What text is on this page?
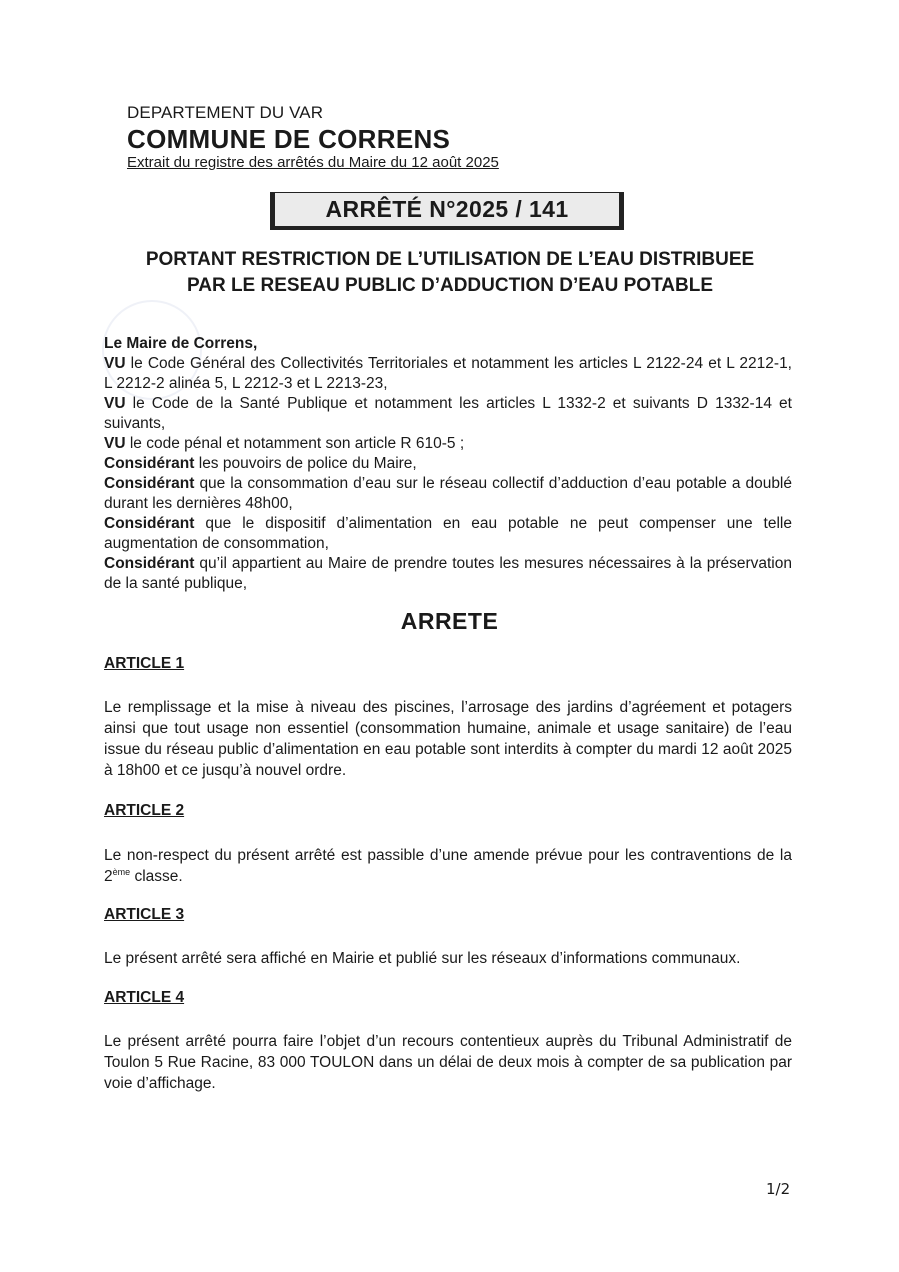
DEPARTEMENT DU VAR
COMMUNE DE CORRENS
Extrait du registre des arrêtés du Maire du 12 août 2025
ARRÊTÉ N°2025 / 141
PORTANT RESTRICTION DE L’UTILISATION DE L’EAU DISTRIBUEE
PAR LE RESEAU PUBLIC D’ADDUCTION D’EAU POTABLE

Le Maire de Correns,

VU le Code Général des Collectivités Territoriales et notamment les articles L 2122-24 et L 2212-1, L 2212-2 alinéa 5, L 2212-3 et L 2213-23,

VU le Code de la Santé Publique et notamment les articles L 1332-2 et suivants D 1332-14 et suivants,

VU le code pénal et notamment son article R 610-5 ;

Considérant les pouvoirs de police du Maire,

Considérant que la consommation d’eau sur le réseau collectif d’adduction d’eau potable a doublé durant les dernières 48h00,

Considérant que le dispositif d’alimentation en eau potable ne peut compenser une telle augmentation de consommation,

Considérant qu’il appartient au Maire de prendre toutes les mesures nécessaires à la préservation de la santé publique,

ARRETE
ARTICLE 1

Le remplissage et la mise à niveau des piscines, l’arrosage des jardins d’agréement et potagers ainsi que tout usage non essentiel (consommation humaine, animale et usage sanitaire) de l’eau issue du réseau public d’alimentation en eau potable sont interdits à compter du mardi 12 août 2025 à 18h00 et ce jusqu’à nouvel ordre.

ARTICLE 2

Le non-respect du présent arrêté est passible d’une amende prévue pour les contraventions de la 2ème classe.

ARTICLE 3

Le présent arrêté sera affiché en Mairie et publié sur les réseaux d’informations communaux.

ARTICLE 4

Le présent arrêté pourra faire l’objet d’un recours contentieux auprès du Tribunal Administratif de Toulon 5 Rue Racine, 83 000 TOULON dans un délai de deux mois à compter de sa publication par voie d’affichage.

1/2
